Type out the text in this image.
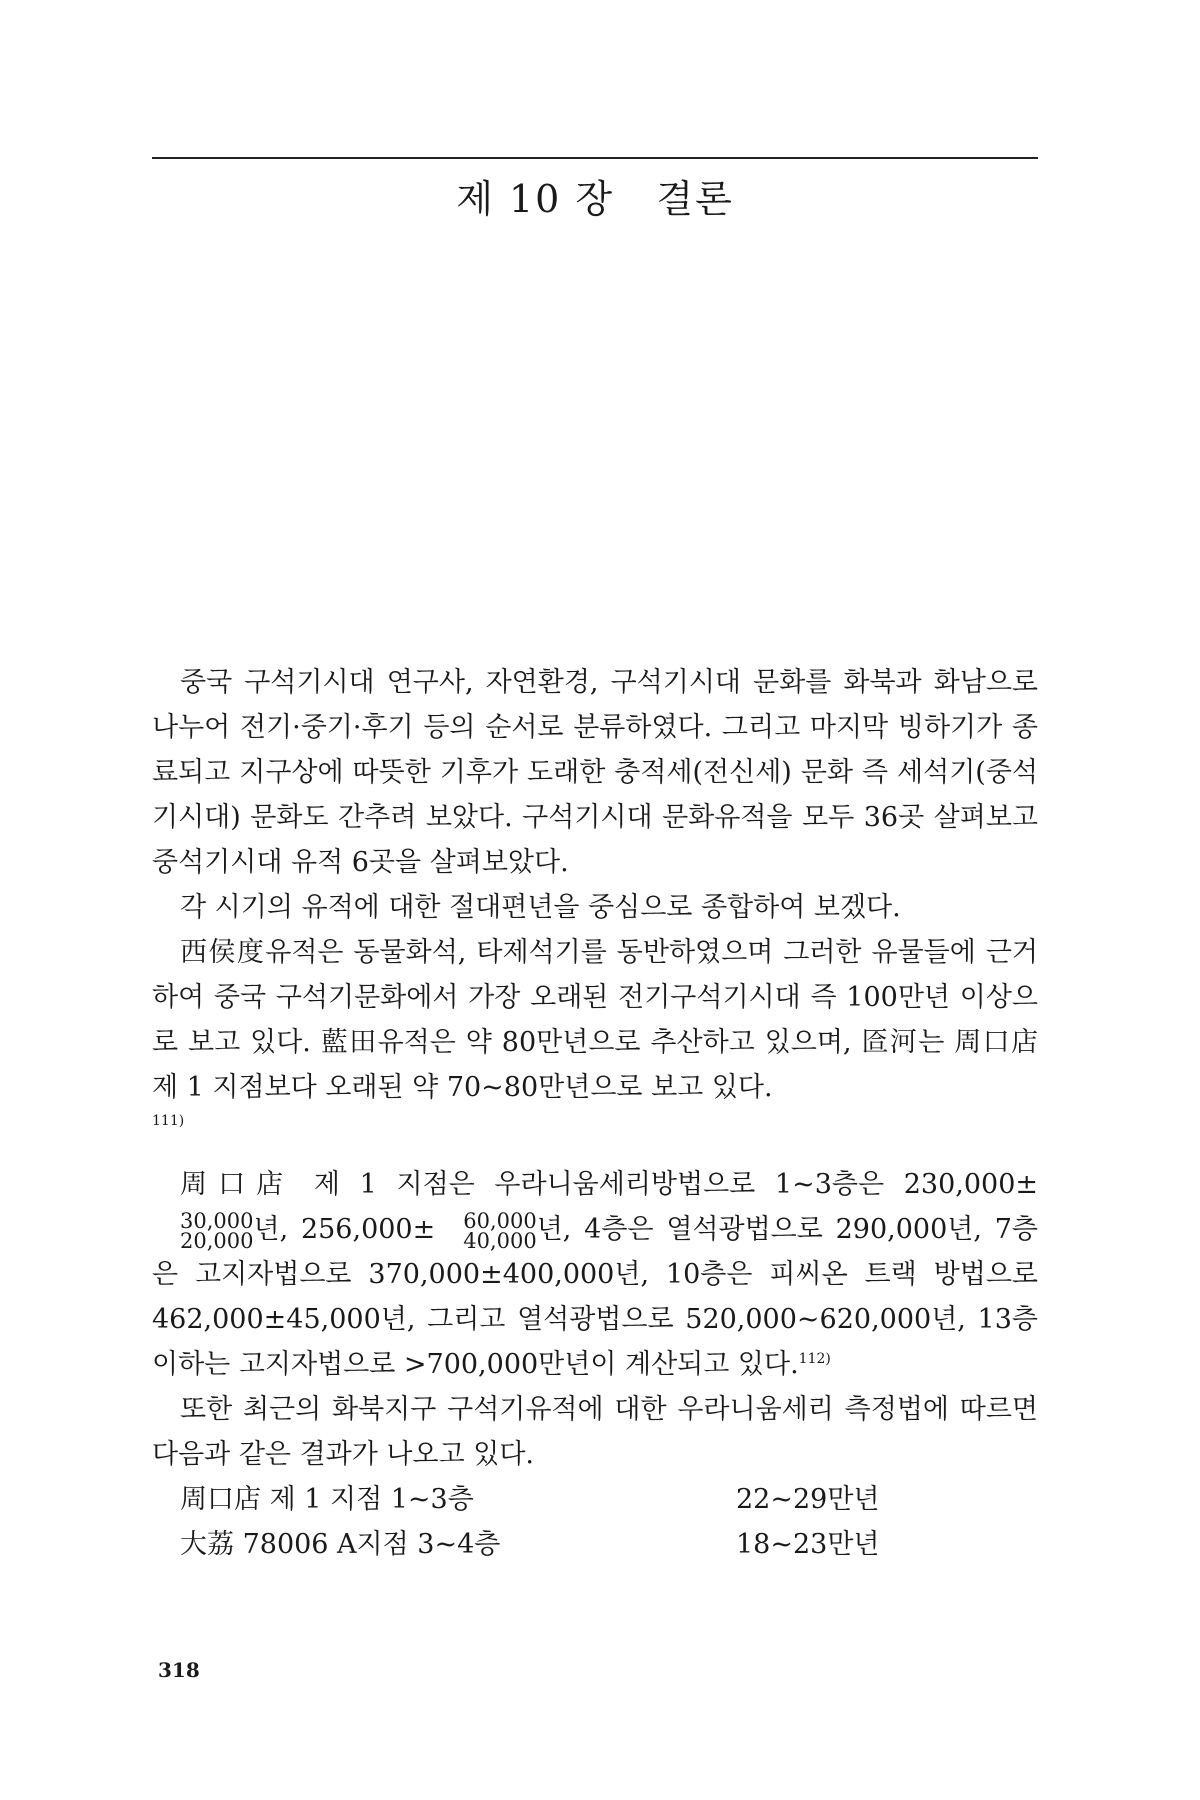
제 10 장   결론

중국 구석기시대 연구사, 자연환경, 구석기시대 문화를 화북과 화남으로 나누어 전기·중기·후기 등의 순서로 분류하였다. 그리고 마지막 빙하기가 종료되고 지구상에 따뜻한 기후가 도래한 충적세(전신세) 문화 즉 세석기(중석기시대) 문화도 간추려 보았다. 구석기시대 문화유적을 모두 36곳 살펴보고 중석기시대 유적 6곳을 살펴보았다.

각 시기의 유적에 대한 절대편년을 중심으로 종합하여 보겠다.

西侯度유적은 동물화석, 타제석기를 동반하였으며 그러한 유물들에 근거하여 중국 구석기문화에서 가장 오래된 전기구석기시대 즉 100만년 이상으로 보고 있다. 藍田유적은 약 80만년으로 추산하고 있으며, 匼河는 周口店 제 1 지점보다 오래된 약 70~80만년으로 보고 있다.

111)

周口店 제 1 지점은 우라니움세리방법으로 1~3층은 230,000±
30,000
20,000 년, 256,000±	60,000
40,000 년, 4층은 열석광법으로 290,000년, 7층은 고지자법으로 370,000±400,000년, 10층은 피씨온 트랙 방법으로 462,000±45,000년, 그리고 열석광법으로 520,000~620,000년, 13층 이하는 고지자법으로 >700,000만년이 계산되고 있다.$^{112)}$

또한 최근의 화북지구 구석기유적에 대한 우라니움세리 측정법에 따르면 다음과 같은 결과가 나오고 있다.

周口店 제 1 지점 1~3층	22~29만년
大荔 78006 A지점 3~4층	18~23만년
318
